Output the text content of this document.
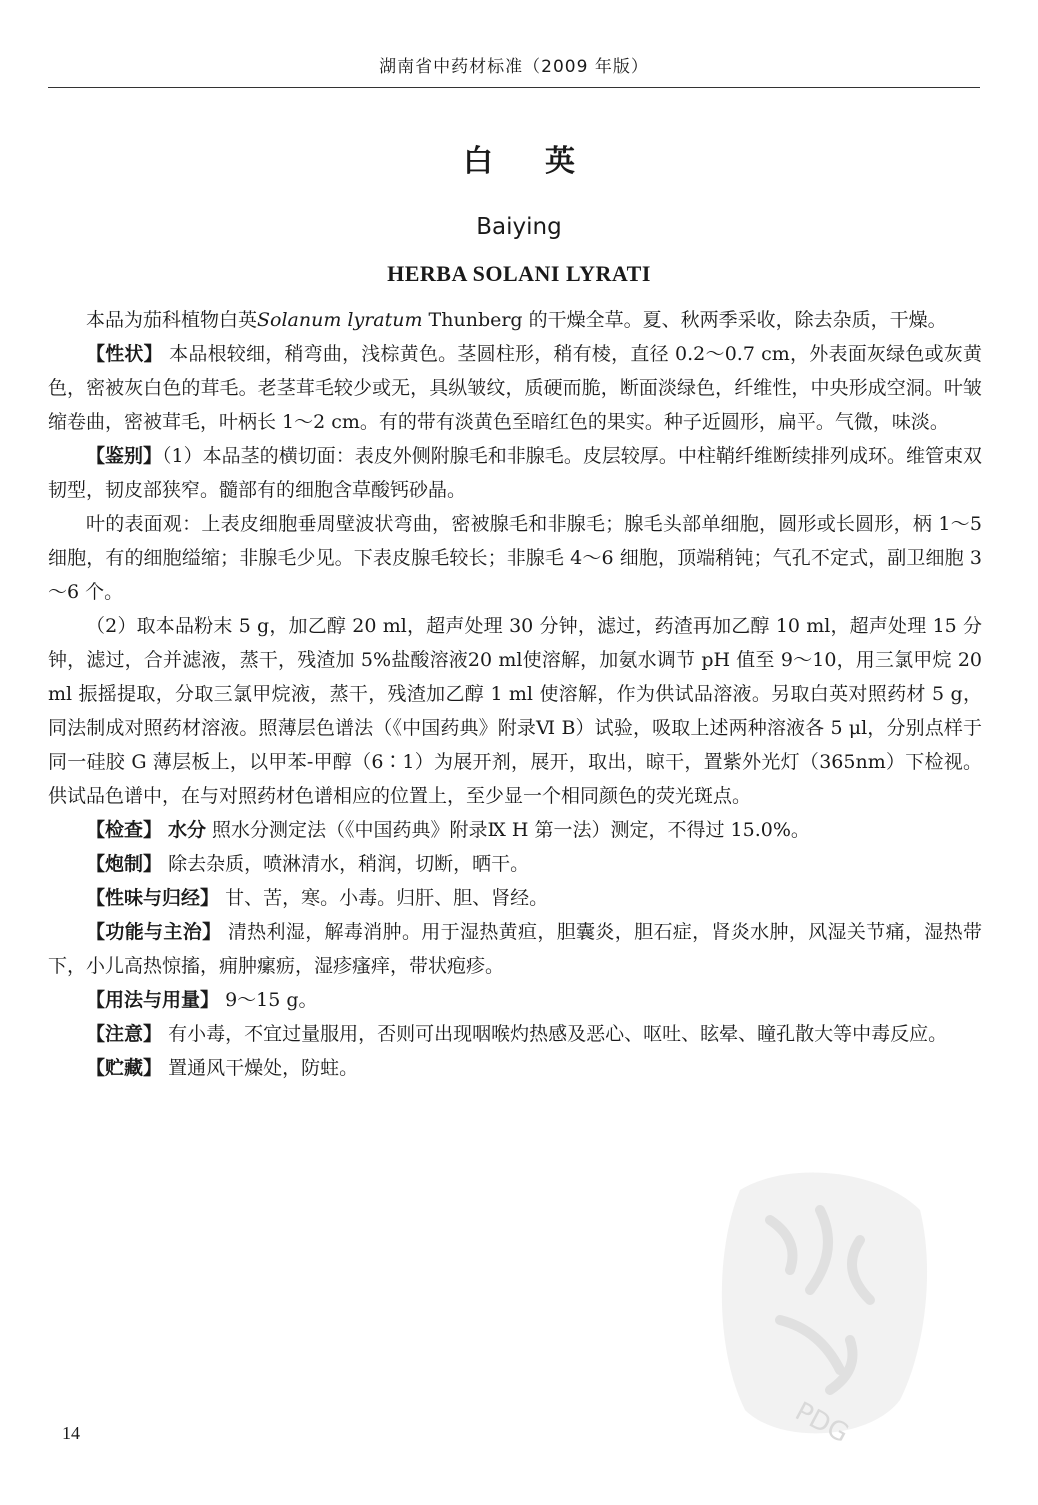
湖南省中药材标准（2009 年版）
白 英
Baiying
HERBA SOLANI LYRATI

本品为茄科植物白英Solanum lyratum Thunberg 的干燥全草。夏、秋两季采收，除去杂质，干燥。

【性状】 本品根较细，稍弯曲，浅棕黄色。茎圆柱形，稍有棱，直径 0.2～0.7 cm，外表面灰绿色或灰黄色，密被灰白色的茸毛。老茎茸毛较少或无，具纵皱纹，质硬而脆，断面淡绿色，纤维性，中央形成空洞。叶皱缩卷曲，密被茸毛，叶柄长 1～2 cm。有的带有淡黄色至暗红色的果实。种子近圆形，扁平。气微，味淡。

【鉴别】（1）本品茎的横切面：表皮外侧附腺毛和非腺毛。皮层较厚。中柱鞘纤维断续排列成环。维管束双韧型，韧皮部狭窄。髓部有的细胞含草酸钙砂晶。

叶的表面观：上表皮细胞垂周壁波状弯曲，密被腺毛和非腺毛；腺毛头部单细胞，圆形或长圆形，柄 1～5 细胞，有的细胞缢缩；非腺毛少见。下表皮腺毛较长；非腺毛 4～6 细胞，顶端稍钝；气孔不定式，副卫细胞 3～6 个。

（2）取本品粉末 5 g，加乙醇 20 ml，超声处理 30 分钟，滤过，药渣再加乙醇 10 ml，超声处理 15 分钟，滤过，合并滤液，蒸干，残渣加 5%盐酸溶液20 ml使溶解，加氨水调节 pH 值至 9～10，用三氯甲烷 20 ml 振摇提取，分取三氯甲烷液，蒸干，残渣加乙醇 1 ml 使溶解，作为供试品溶液。另取白英对照药材 5 g，同法制成对照药材溶液。照薄层色谱法（《中国药典》附录Ⅵ B）试验，吸取上述两种溶液各 5 μl，分别点样于同一硅胶 G 薄层板上，以甲苯-甲醇（6∶1）为展开剂，展开，取出，晾干，置紫外光灯（365nm）下检视。供试品色谱中，在与对照药材色谱相应的位置上，至少显一个相同颜色的荧光斑点。

【检查】 水分 照水分测定法（《中国药典》附录Ⅸ H 第一法）测定，不得过 15.0%。

【炮制】 除去杂质，喷淋清水，稍润，切断，晒干。

【性味与归经】 甘、苦，寒。小毒。归肝、胆、肾经。

【功能与主治】 清热利湿，解毒消肿。用于湿热黄疸，胆囊炎，胆石症，肾炎水肿，风湿关节痛，湿热带下，小儿高热惊搐，痈肿瘰疬，湿疹瘙痒，带状疱疹。

【用法与用量】 9～15 g。

【注意】 有小毒，不宜过量服用，否则可出现咽喉灼热感及恶心、呕吐、眩晕、瞳孔散大等中毒反应。

【贮藏】 置通风干燥处，防蛀。

PDG
14
